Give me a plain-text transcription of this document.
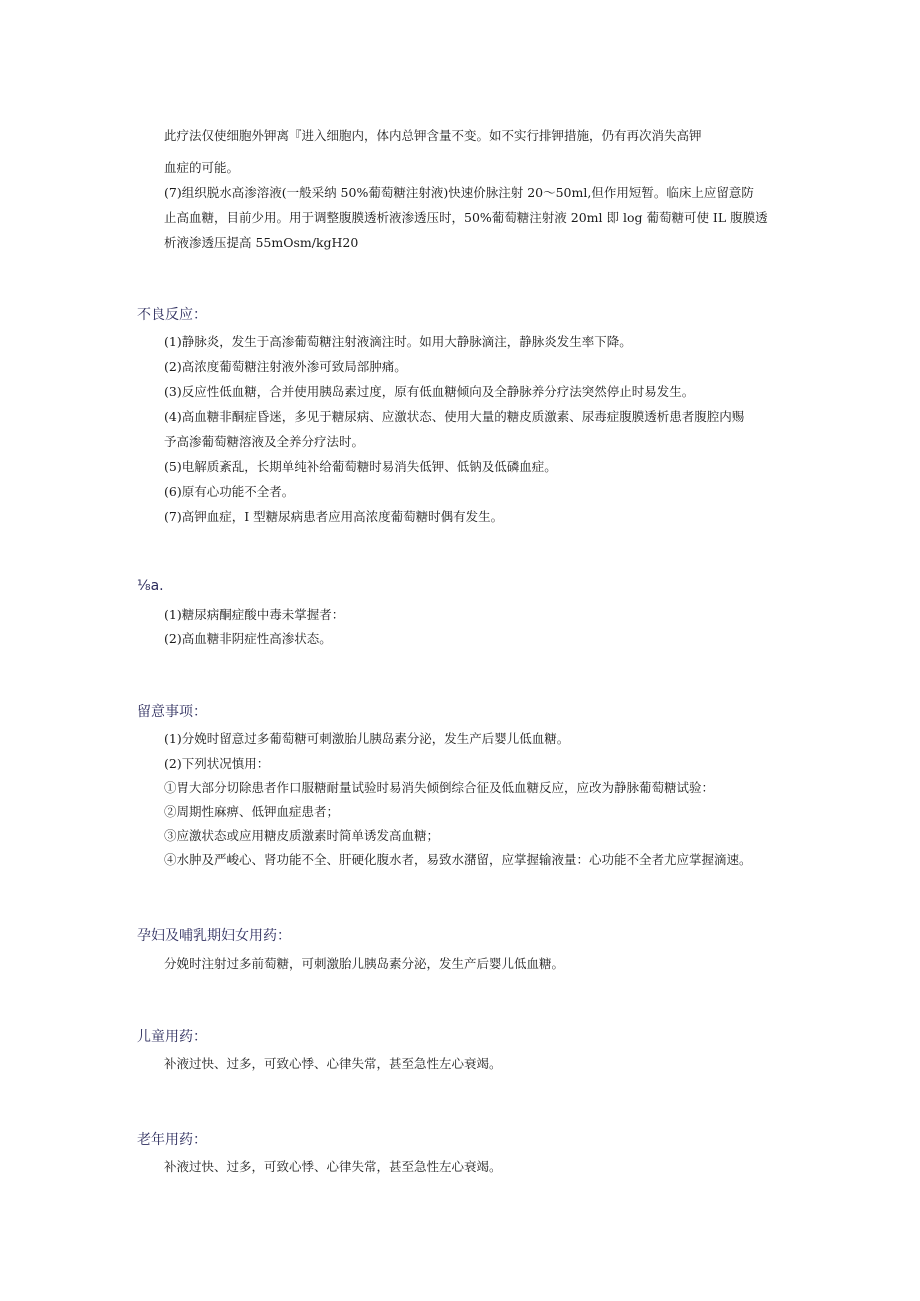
此疗法仅使细胞外钾离『进入细胞内，体内总钾含量不变。如不实行排钾措施，仍有再次消失高钾
血症的可能。
(7)组织脱水高渗溶液(一般采纳 50%葡萄糖注射液)快速价脉注射 20～50ml,但作用短暂。临床上应留意防
止高血糖，目前少用。用于调整腹膜透析液渗透压时，50%葡萄糖注射液 20ml 即 log 葡萄糖可使 IL 腹膜透
析液渗透压提高 55mOsm/kgH20
不良反应：
(1)静脉炎，发生于高渗葡萄糖注射液滴注时。如用大静脉滴注，静脉炎发生率下降。
(2)高浓度葡萄糖注射液外渗可致局部肿痛。
(3)反应性低血糖，合并使用胰岛素过度，原有低血糖倾向及全静脉养分疗法突然停止时易发生。
(4)高血糖非酮症昏迷，多见于糖尿病、应激状态、使用大量的糖皮质激素、尿毒症腹膜透析患者腹腔内赐
予高渗葡萄糖溶液及全养分疗法时。
(5)电解质紊乱，长期单纯补给葡萄糖时易消失低钾、低钠及低磷血症。
(6)原有心功能不全者。
(7)高钾血症，I 型糖尿病患者应用高浓度葡萄糖时偶有发生。
⅛a.
(1)糖尿病酮症酸中毒未掌握者：
(2)高血糖非阴症性高渗状态。
留意事项：
(1)分娩时留意过多葡萄糖可刺激胎儿胰岛素分泌，发生产后婴儿低血糖。
(2)下列状况慎用：
①胃大部分切除患者作口服糖耐量试验时易消失倾倒综合征及低血糖反应，应改为静脉葡萄糖试验：
②周期性麻痹、低钾血症患者；
③应激状态或应用糖皮质激素时简单诱发高血糖；
④水肿及严峻心、肾功能不全、肝硬化腹水者，易致水潴留，应掌握输液量：心功能不全者尤应掌握滴速。
孕妇及哺乳期妇女用药：
分娩时注射过多前萄糖，可刺激胎儿胰岛素分泌，发生产后婴儿低血糖。
儿童用药：
补液过快、过多，可致心悸、心律失常，甚至急性左心衰竭。
老年用药：
补液过快、过多，可致心悸、心律失常，甚至急性左心衰竭。
